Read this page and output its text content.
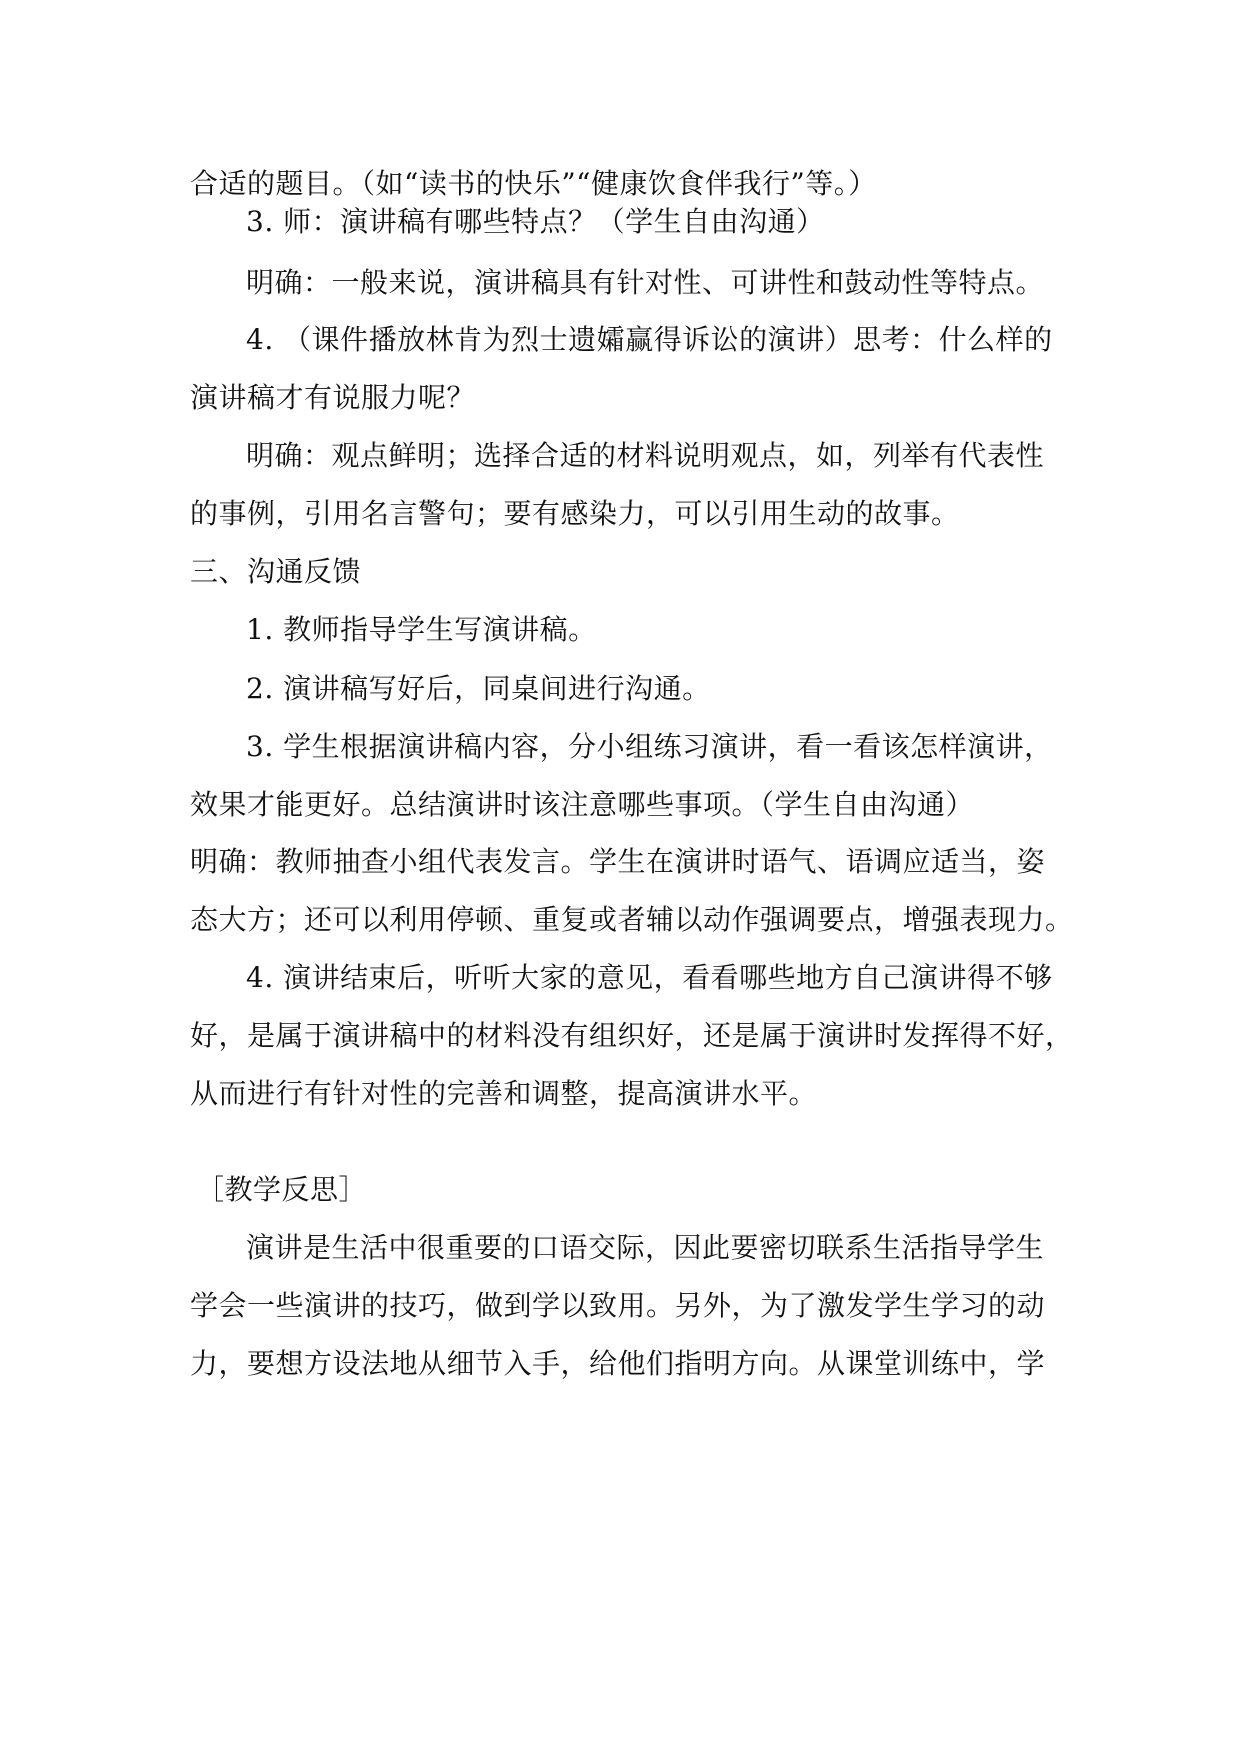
合适的题目。（如“读书的快乐”“健康饮食伴我行”等。）
3. 师：演讲稿有哪些特点？（学生自由沟通）
明确：一般来说，演讲稿具有针对性、可讲性和鼓动性等特点。
4. （课件播放林肯为烈士遗孀赢得诉讼的演讲）思考：什么样的
演讲稿才有说服力呢？
明确：观点鲜明；选择合适的材料说明观点，如，列举有代表性
的事例，引用名言警句；要有感染力，可以引用生动的故事。
三、沟通反馈
1. 教师指导学生写演讲稿。
2. 演讲稿写好后，同桌间进行沟通。
3. 学生根据演讲稿内容，分小组练习演讲，看一看该怎样演讲，
效果才能更好。总结演讲时该注意哪些事项。（学生自由沟通）
明确：教师抽查小组代表发言。学生在演讲时语气、语调应适当，姿
态大方；还可以利用停顿、重复或者辅以动作强调要点，增强表现力。
4. 演讲结束后，听听大家的意见，看看哪些地方自己演讲得不够
好，是属于演讲稿中的材料没有组织好，还是属于演讲时发挥得不好，
从而进行有针对性的完善和调整，提高演讲水平。
［教学反思］
演讲是生活中很重要的口语交际，因此要密切联系生活指导学生
学会一些演讲的技巧，做到学以致用。另外，为了激发学生学习的动
力，要想方设法地从细节入手，给他们指明方向。从课堂训练中，学
